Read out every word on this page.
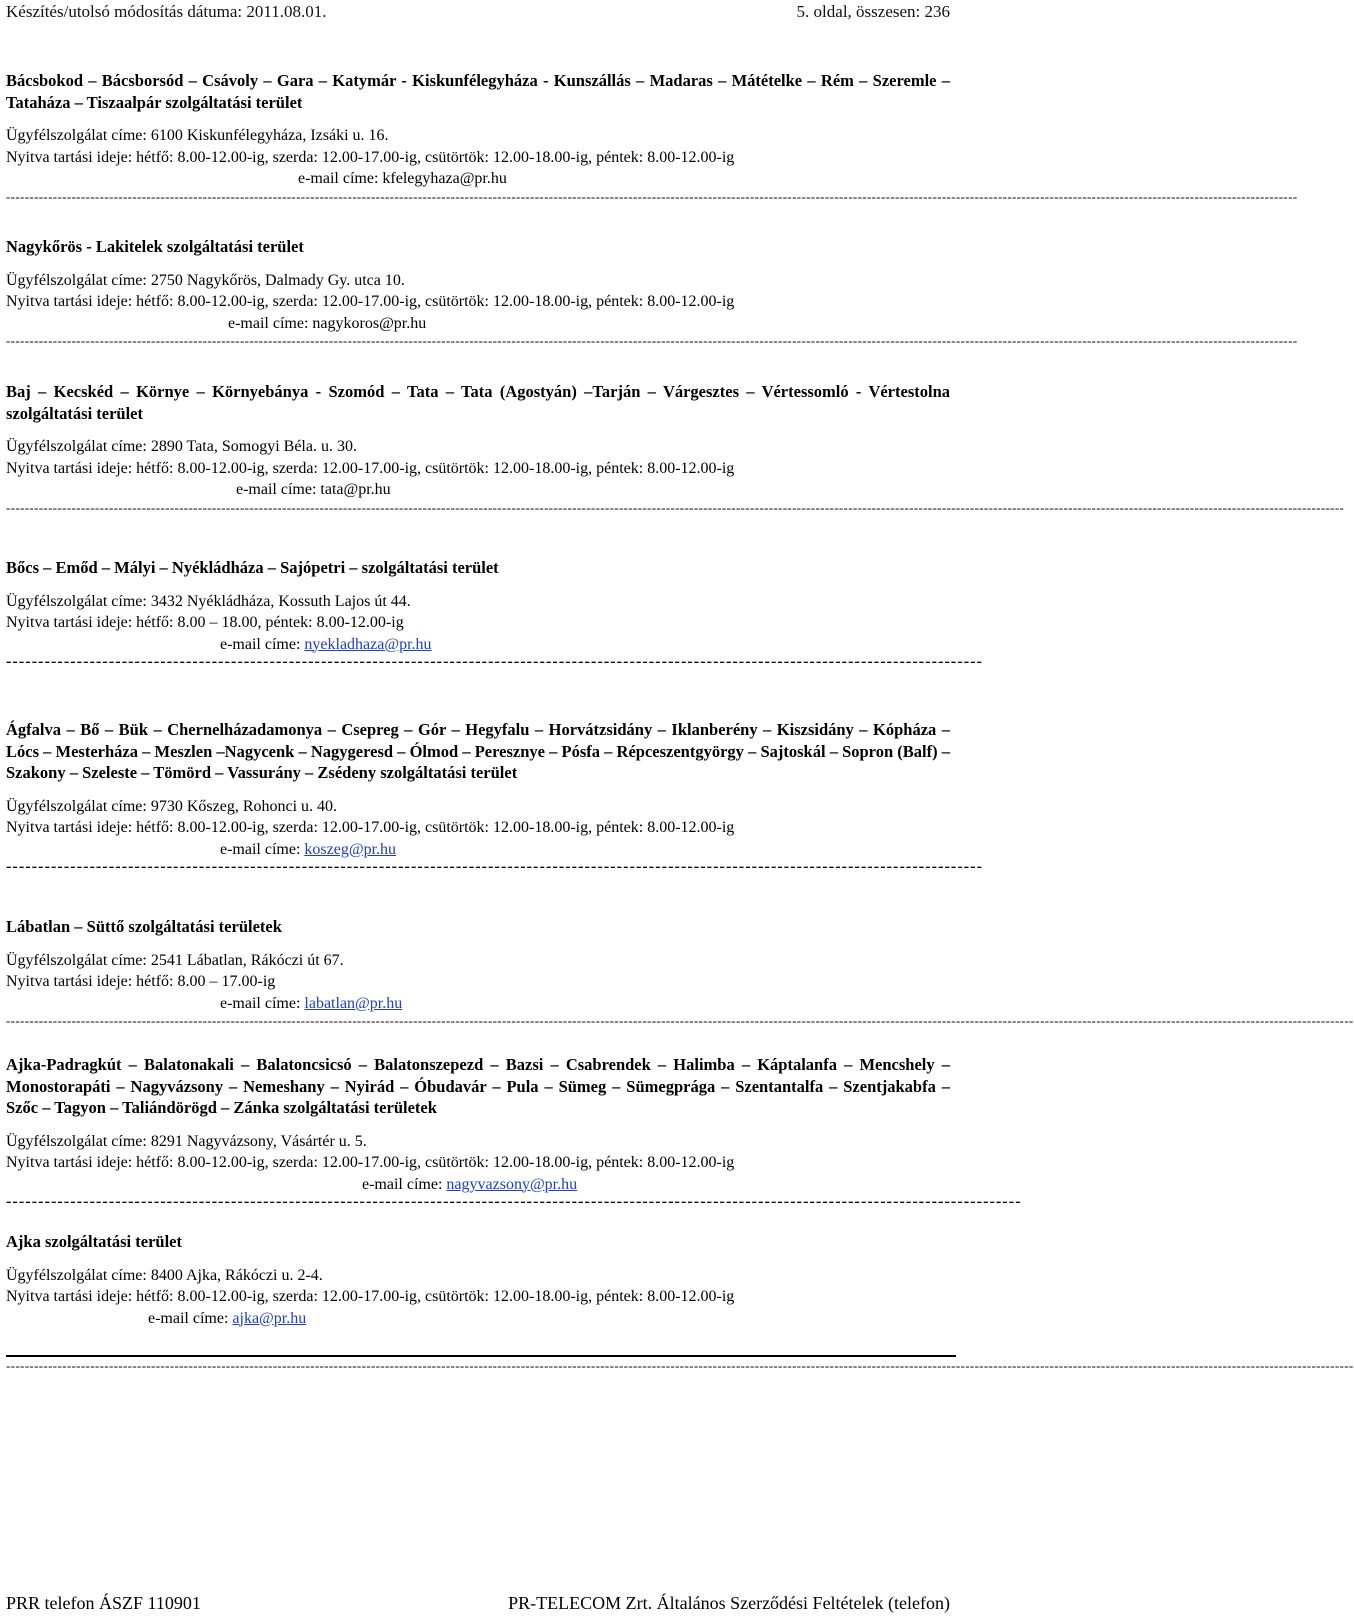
Készítés/utolsó módosítás dátuma: 2011.08.01.	5. oldal, összesen: 236

Bácsbokod – Bácsborsód – Csávoly – Gara – Katymár - Kiskunfélegyháza - Kunszállás – Madaras – Mátételke – Rém – Szeremle – Tataháza – Tiszaalpár szolgáltatási terület

Ügyfélszolgálat címe: 6100 Kiskunfélegyháza, Izsáki u. 16.

Nyitva tartási ideje: hétfő: 8.00-12.00-ig, szerda: 12.00-17.00-ig, csütörtök: 12.00-18.00-ig, péntek: 8.00-12.00-ig

e-mail címe: kfelegyhaza@pr.hu
------------------------------------------------------------------------------------------------------------------------------------------------------------------------------------------------------------------------------------------------------------------------------------

Nagykőrös - Lakitelek szolgáltatási terület

Ügyfélszolgálat címe: 2750 Nagykőrös, Dalmady Gy. utca 10.

Nyitva tartási ideje: hétfő: 8.00-12.00-ig, szerda: 12.00-17.00-ig, csütörtök: 12.00-18.00-ig, péntek: 8.00-12.00-ig

e-mail címe: nagykoros@pr.hu
------------------------------------------------------------------------------------------------------------------------------------------------------------------------------------------------------------------------------------------------------------------------------------

Baj – Kecskéd – Környe – Környebánya - Szomód – Tata – Tata (Agostyán) –Tarján – Várgesztes – Vértessomló - Vértestolna szolgáltatási terület

Ügyfélszolgálat címe: 2890 Tata, Somogyi Béla. u. 30.

Nyitva tartási ideje: hétfő: 8.00-12.00-ig, szerda: 12.00-17.00-ig, csütörtök: 12.00-18.00-ig, péntek: 8.00-12.00-ig

e-mail címe: tata@pr.hu
----------------------------------------------------------------------------------------------------------------------------------------------------------------------------------------------------------------------------------------------------------------------------------------------

Bőcs – Emőd – Mályi – Nyékládháza – Sajópetri – szolgáltatási terület

Ügyfélszolgálat címe: 3432 Nyékládháza, Kossuth Lajos út 44.

Nyitva tartási ideje: hétfő: 8.00 – 18.00, péntek: 8.00-12.00-ig

e-mail címe: nyekladhaza@pr.hu
--------------------------------------------------------------------------------------------------------------------------------------------------------

Ágfalva – Bő – Bük – Chernelházadamonya – Csepreg – Gór – Hegyfalu – Horvátzsidány – Iklanberény – Kiszsidány – Kópháza – Lócs – Mesterháza – Meszlen –Nagycenk – Nagygeresd – Ólmod – Peresznye – Pósfa – Répceszentgyörgy – Sajtoskál – Sopron (Balf) – Szakony – Szeleste – Tömörd – Vassurány – Zsédeny szolgáltatási terület

Ügyfélszolgálat címe: 9730 Kőszeg, Rohonci u. 40.

Nyitva tartási ideje: hétfő: 8.00-12.00-ig, szerda: 12.00-17.00-ig, csütörtök: 12.00-18.00-ig, péntek: 8.00-12.00-ig

e-mail címe: koszeg@pr.hu
--------------------------------------------------------------------------------------------------------------------------------------------------------

Lábatlan – Süttő szolgáltatási területek

Ügyfélszolgálat címe: 2541 Lábatlan, Rákóczi út 67.

Nyitva tartási ideje: hétfő: 8.00 – 17.00-ig

e-mail címe: labatlan@pr.hu
------------------------------------------------------------------------------------------------------------------------------------------------------------------------------------------------------------------------------------------------------------------------------------------------

Ajka-Padragkút – Balatonakali – Balatoncsicsó – Balatonszepezd – Bazsi – Csabrendek – Halimba – Káptalanfa – Mencshely – Monostorapáti – Nagyvázsony – Nemeshany – Nyirád – Óbudavár – Pula – Sümeg – Sümegprága – Szentantalfa – Szentjakabfa – Szőc – Tagyon – Taliándörögd – Zánka szolgáltatási területek

Ügyfélszolgálat címe: 8291 Nagyvázsony, Vásártér u. 5.

Nyitva tartási ideje: hétfő: 8.00-12.00-ig, szerda: 12.00-17.00-ig, csütörtök: 12.00-18.00-ig, péntek: 8.00-12.00-ig

e-mail címe: nagyvazsony@pr.hu
--------------------------------------------------------------------------------------------------------------------------------------------------------------

Ajka szolgáltatási terület

Ügyfélszolgálat címe: 8400 Ajka, Rákóczi u. 2-4.

Nyitva tartási ideje: hétfő: 8.00-12.00-ig, szerda: 12.00-17.00-ig, csütörtök: 12.00-18.00-ig, péntek: 8.00-12.00-ig

e-mail címe: ajka@pr.hu
------------------------------------------------------------------------------------------------------------------------------------------------------------------------------------------------------------------------------------------------------------------------------------------------
PRR telefon ÁSZF 110901	PR-TELECOM Zrt. Általános Szerződési Feltételek (telefon)
